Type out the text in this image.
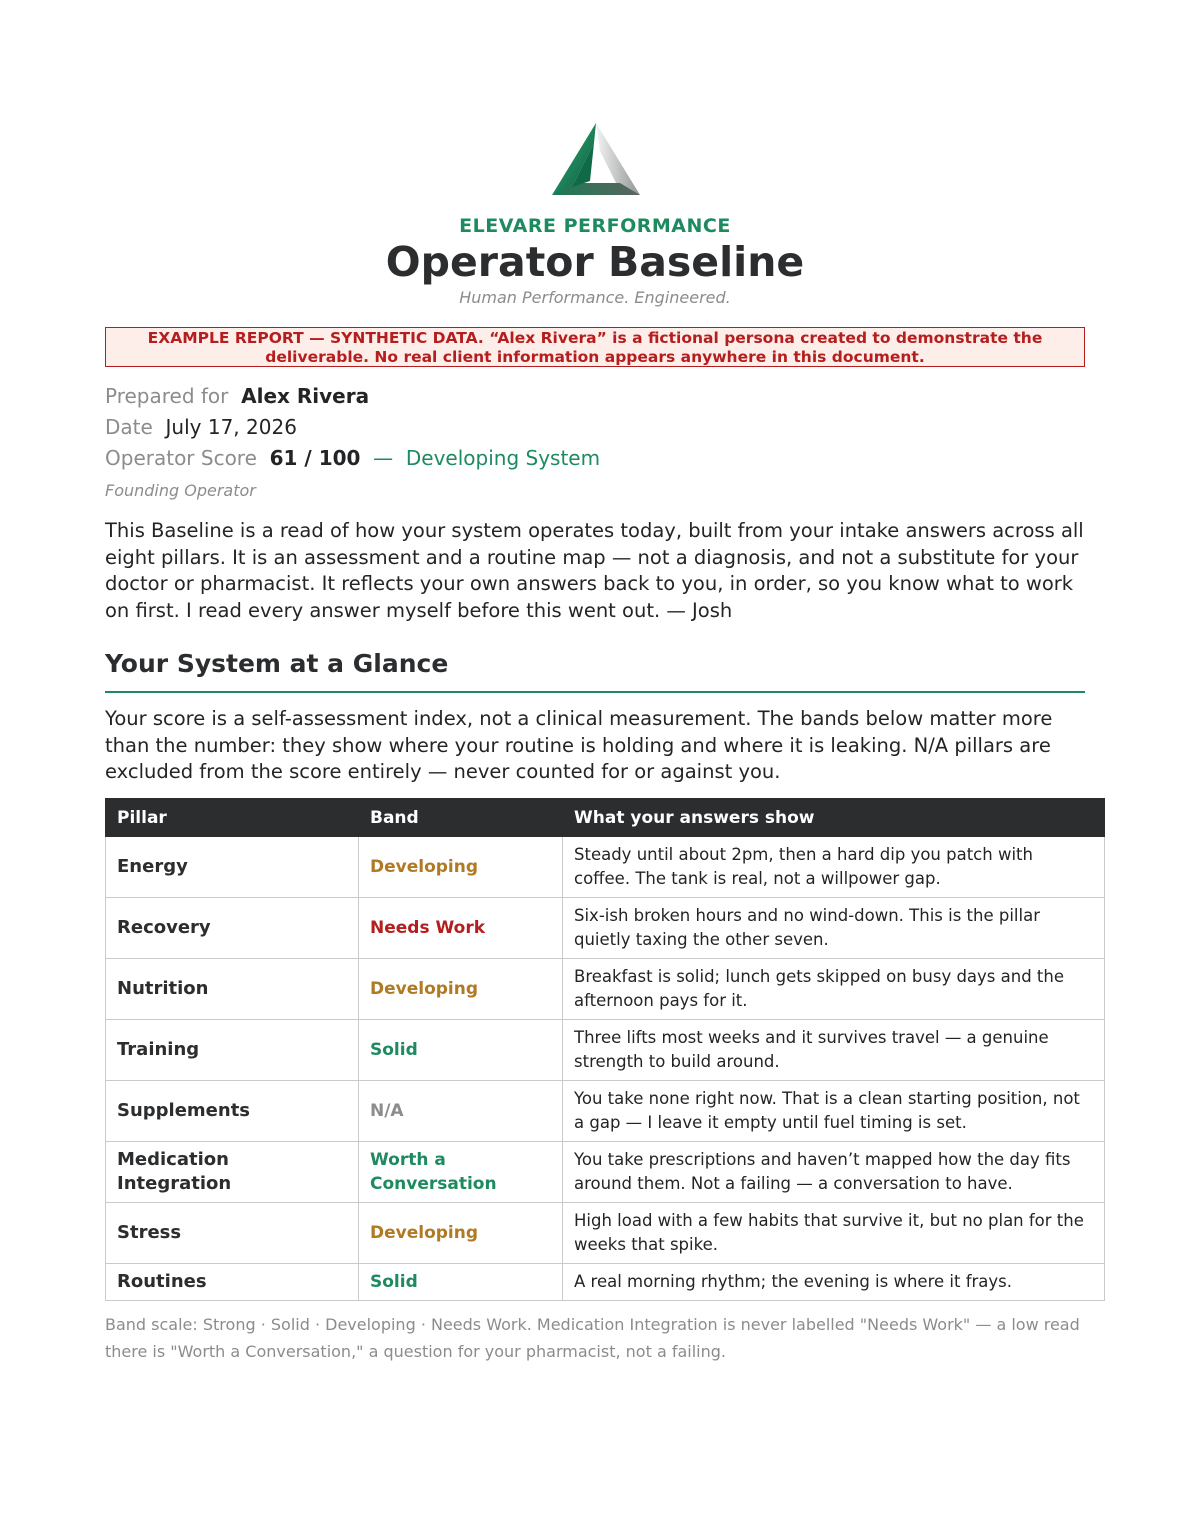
ELEVARE PERFORMANCE
Operator Baseline
Human Performance. Engineered.
EXAMPLE REPORT — SYNTHETIC DATA. “Alex Rivera” is a fictional persona created to demonstrate the
deliverable. No real client information appears anywhere in this document.
Prepared for Alex Rivera
Date July 17, 2026
Operator Score 61 / 100 — Developing System
Founding Operator

This Baseline is a read of how your system operates today, built from your intake answers across all eight pillars. It is an assessment and a routine map — not a diagnosis, and not a substitute for your doctor or pharmacist. It reflects your own answers back to you, in order, so you know what to work on first. I read every answer myself before this went out. — Josh

Your System at a Glance

Your score is a self-assessment index, not a clinical measurement. The bands below matter more than the number: they show where your routine is holding and where it is leaking. N/A pillars are excluded from the score entirely — never counted for or against you.

Pillar	Band	What your answers show
Energy	Developing	Steady until about 2pm, then a hard dip you patch with coffee. The tank is real, not a willpower gap.
Recovery	Needs Work	Six-ish broken hours and no wind-down. This is the pillar quietly taxing the other seven.
Nutrition	Developing	Breakfast is solid; lunch gets skipped on busy days and the afternoon pays for it.
Training	Solid	Three lifts most weeks and it survives travel — a genuine strength to build around.
Supplements	N/A	You take none right now. That is a clean starting position, not a gap — I leave it empty until fuel timing is set.
Medication Integration	Worth a Conversation	You take prescriptions and haven’t mapped how the day fits around them. Not a failing — a conversation to have.
Stress	Developing	High load with a few habits that survive it, but no plan for the weeks that spike.
Routines	Solid	A real morning rhythm; the evening is where it frays.

Band scale: Strong · Solid · Developing · Needs Work. Medication Integration is never labelled "Needs Work" — a low read there is "Worth a Conversation," a question for your pharmacist, not a failing.
